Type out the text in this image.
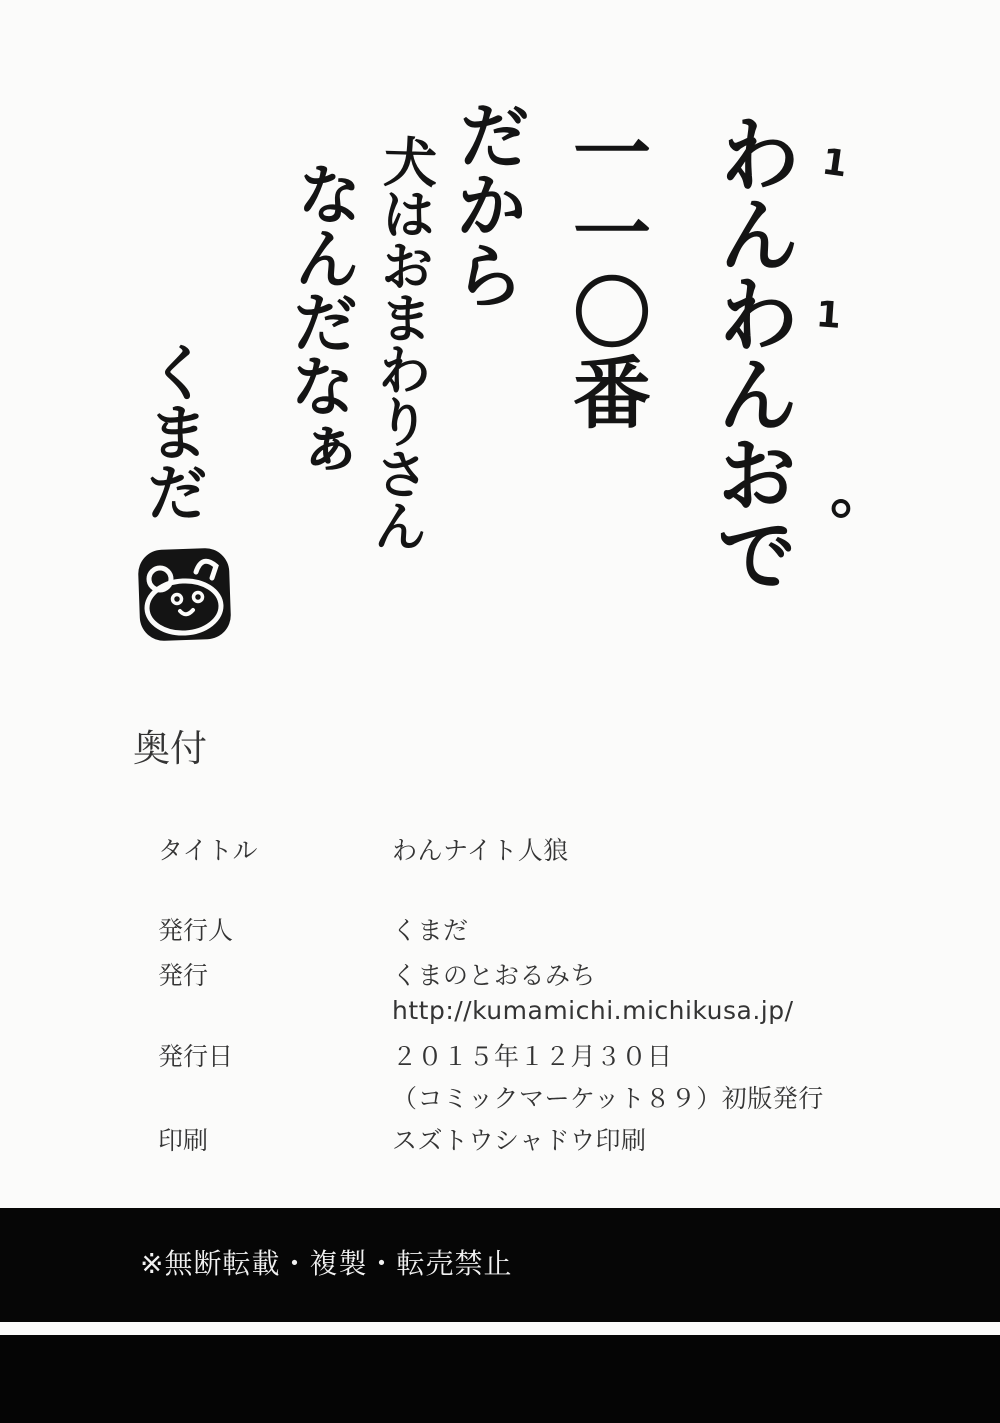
わんわんおで 1
1
。
一一〇番
だから
犬はおまわりさん
なんだなぁ
くまだ
奥付
タイトル	わんナイト人狼
発行人	くまだ
発行	くまのとおるみち
http://kumamichi.michikusa.jp/
発行日	２０１５年１２月３０日
（コミックマーケット８９）初版発行
印刷	スズトウシャドウ印刷
※無断転載・複製・転売禁止
